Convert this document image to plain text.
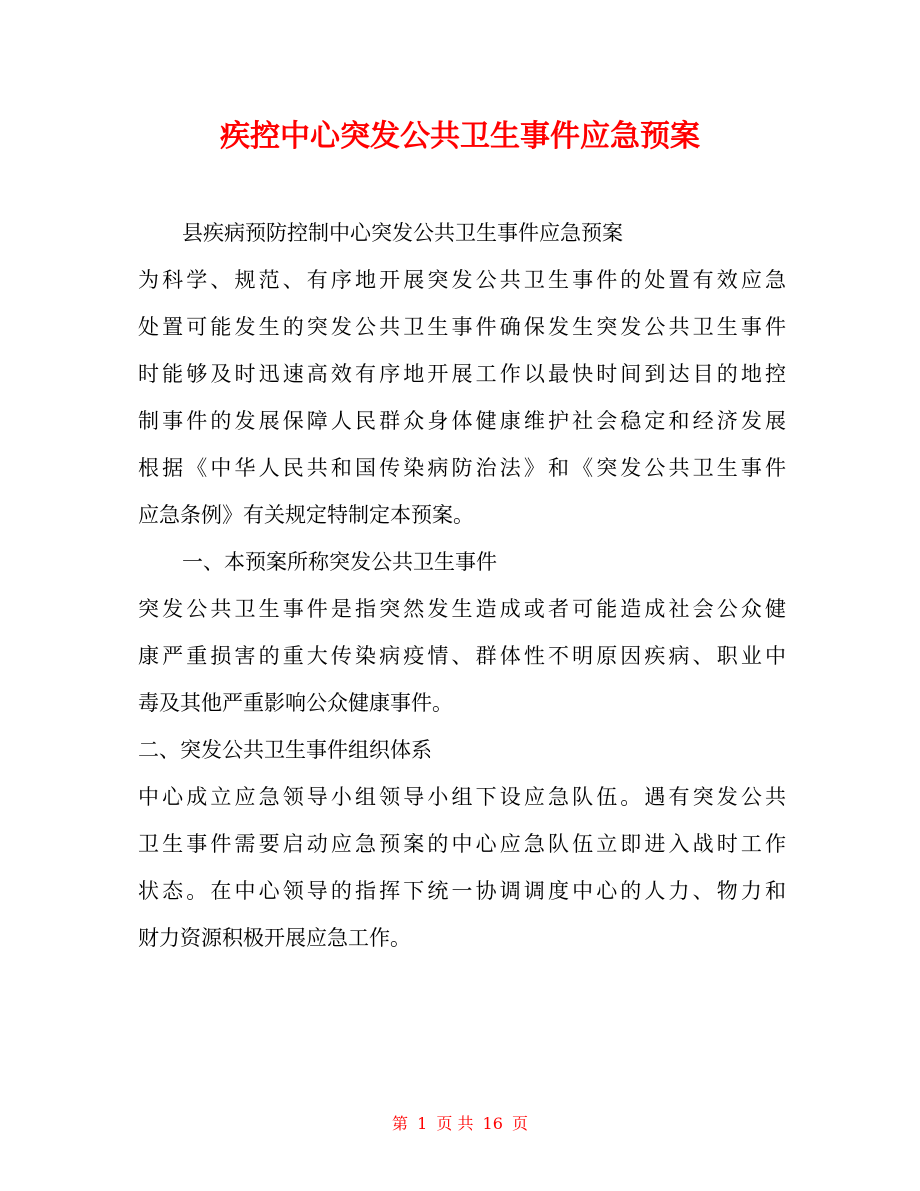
疾控中心突发公共卫生事件应急预案
县疾病预防控制中心突发公共卫生事件应急预案
为科学、规范、有序地开展突发公共卫生事件的处置有效应急
处置可能发生的突发公共卫生事件确保发生突发公共卫生事件
时能够及时迅速高效有序地开展工作以最快时间到达目的地控
制事件的发展保障人民群众身体健康维护社会稳定和经济发展
根据《中华人民共和国传染病防治法》和《突发公共卫生事件
应急条例》有关规定特制定本预案。
一、本预案所称突发公共卫生事件
突发公共卫生事件是指突然发生造成或者可能造成社会公众健
康严重损害的重大传染病疫情、群体性不明原因疾病、职业中
毒及其他严重影响公众健康事件。
二、突发公共卫生事件组织体系
中心成立应急领导小组领导小组下设应急队伍。遇有突发公共
卫生事件需要启动应急预案的中心应急队伍立即进入战时工作
状态。在中心领导的指挥下统一协调调度中心的人力、物力和
财力资源积极开展应急工作。
第 1 页 共 16 页
